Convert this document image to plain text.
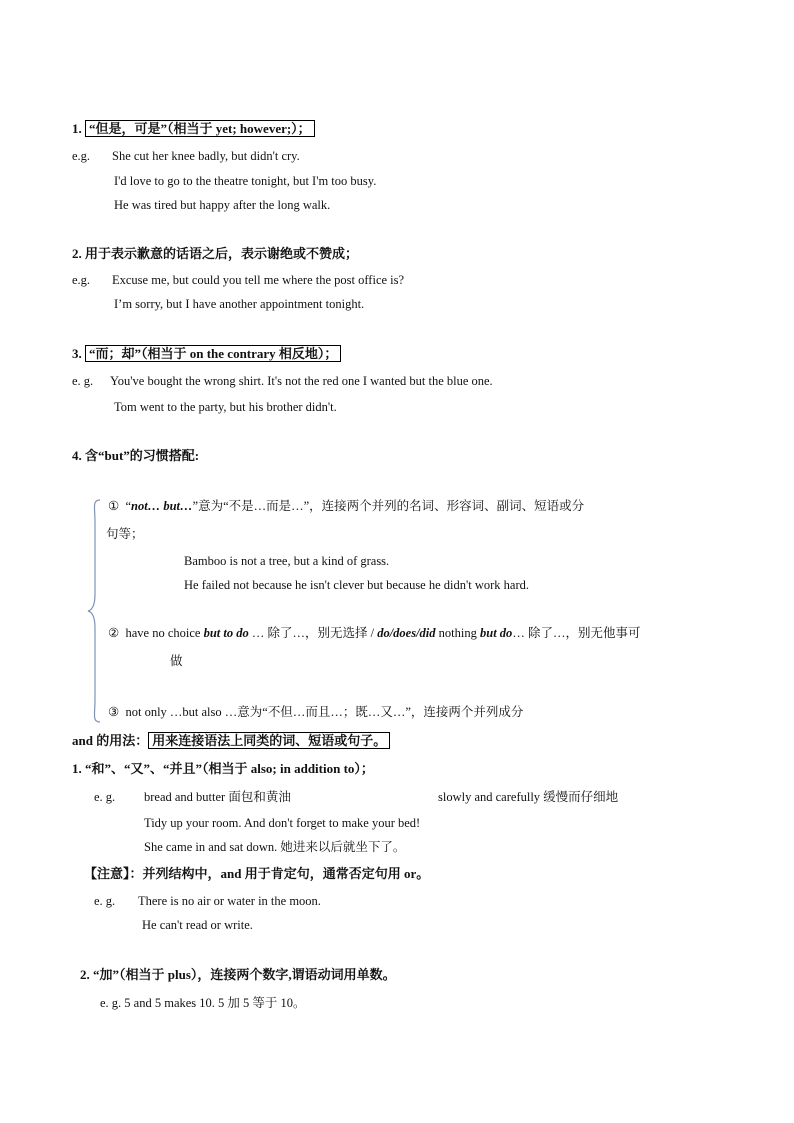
1. “但是，可是”（相当于 yet; however;）；
e.g. She cut her knee badly, but didn't cry.
I'd love to go to the theatre tonight, but I'm too busy.
He was tired but happy after the long walk.
2. 用于表示歉意的话语之后，表示谢绝或不赞成；
e.g. Excuse me, but could you tell me where the post office is?
I’m sorry, but I have another appointment tonight.
3. “而；却”（相当于 on the contrary 相反地）；
e. g. You've bought the wrong shirt. It's not the red one I wanted but the blue one.
Tom went to the party, but his brother didn't.
4. 含“but”的习惯搭配:
① “not… but…”意为“不是…而是…”，连接两个并列的名词、形容词、副词、短语或分
句等；
Bamboo is not a tree, but a kind of grass.
He failed not because he isn't clever but because he didn't work hard.
② have no choice but to do … 除了…，别无选择 / do/does/did nothing but do… 除了…，别无他事可
做
③ not only …but also …意为“不但…而且…；既…又…”，连接两个并列成分
and 的用法： 用来连接语法上同类的词、短语或句子。
1. “和”、“又”、“并且”（相当于 also; in addition to）；
e. g. bread and butter 面包和黄油	slowly and carefully 缓慢而仔细地
Tidy up your room. And don't forget to make your bed!
She came in and sat down. 她进来以后就坐下了。
【注意】：并列结构中，and 用于肯定句，通常否定句用 or。
e. g. There is no air or water in the moon.
He can't read or write.
2. “加”（相当于 plus），连接两个数字,谓语动词用单数。
e. g. 5 and 5 makes 10. 5 加 5 等于 10。
